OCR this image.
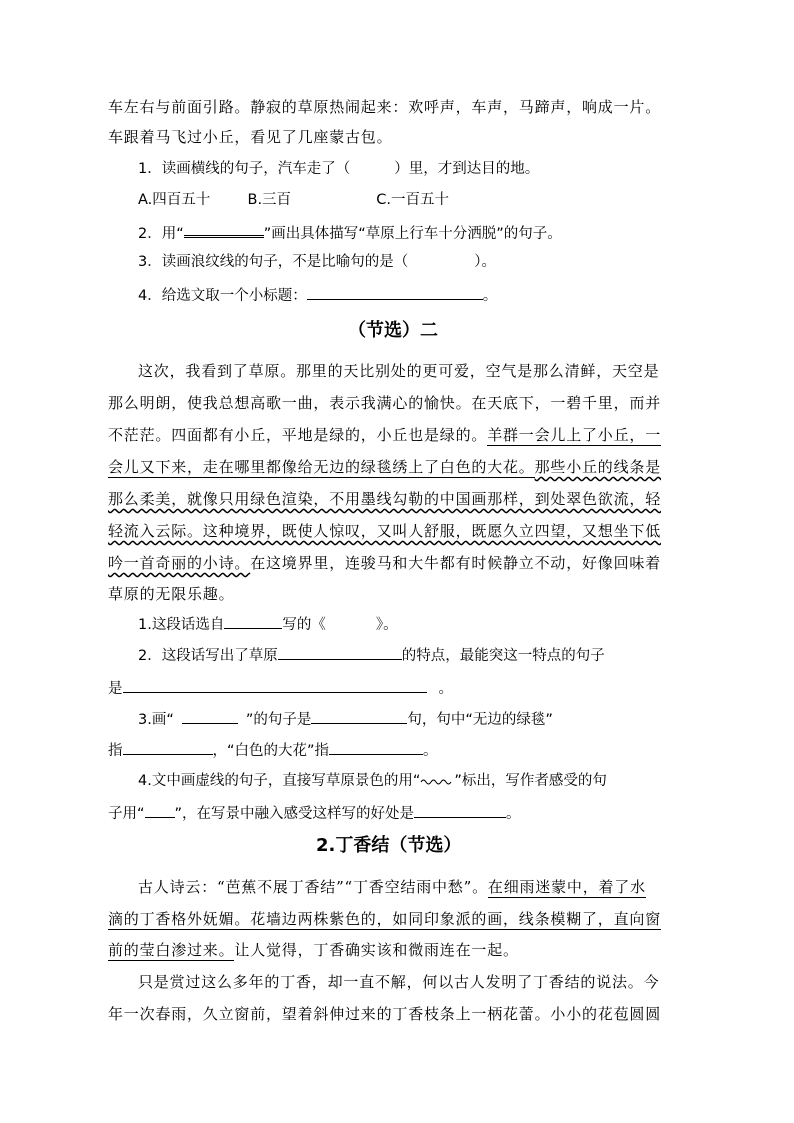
车左右与前面引路。静寂的草原热闹起来：欢呼声，车声，马蹄声，响成一片。
车跟着马飞过小丘，看见了几座蒙古包。
1．读画横线的句子，汽车走了（	）里，才到达目的地。
A.四百五十	B.三百	C.一百五十
2．用“	”画出具体描写“草原上行车十分洒脱”的句子。
3．读画浪纹线的句子，不是比喻句的是（	）。
4．给选文取一个小标题：	。
（节选）二
这次，我看到了草原。那里的天比别处的更可爱，空气是那么清鲜，天空是
那么明朗，使我总想高歌一曲，表示我满心的愉快。在天底下，一碧千里，而并
不茫茫。四面都有小丘，平地是绿的，小丘也是绿的。羊群一会儿上了小丘，一
会儿又下来，走在哪里都像给无边的绿毯绣上了白色的大花。那些小丘的线条是
那么柔美，就像只用绿色渲染，不用墨线勾勒的中国画那样，到处翠色欲流，轻
轻流入云际。这种境界，既使人惊叹，又叫人舒服，既愿久立四望，又想坐下低
吟一首奇丽的小诗。在这境界里，连骏马和大牛都有时候静立不动，好像回味着
草原的无限乐趣。
1.这段话选自	写的《	》。
2．这段话写出了草原	的特点，最能突这一特点的句子
是	。
3.画“	”的句子是	句，句中“无边的绿毯”
指	，“白色的大花”指	。
4.文中画虚线的句子，直接写草原景色的用“ ”标出，写作者感受的句
子用“ ”，在写景中融入感受这样写的好处是	。
2.丁香结（节选）
古人诗云：“芭蕉不展丁香结”“丁香空结雨中愁”。在细雨迷蒙中，着了水
滴的丁香格外妩媚。花墙边两株紫色的，如同印象派的画，线条模糊了，直向窗
前的莹白渗过来。让人觉得，丁香确实该和微雨连在一起。
只是赏过这么多年的丁香，却一直不解，何以古人发明了丁香结的说法。今
年一次春雨，久立窗前，望着斜伸过来的丁香枝条上一柄花蕾。小小的花苞圆圆
